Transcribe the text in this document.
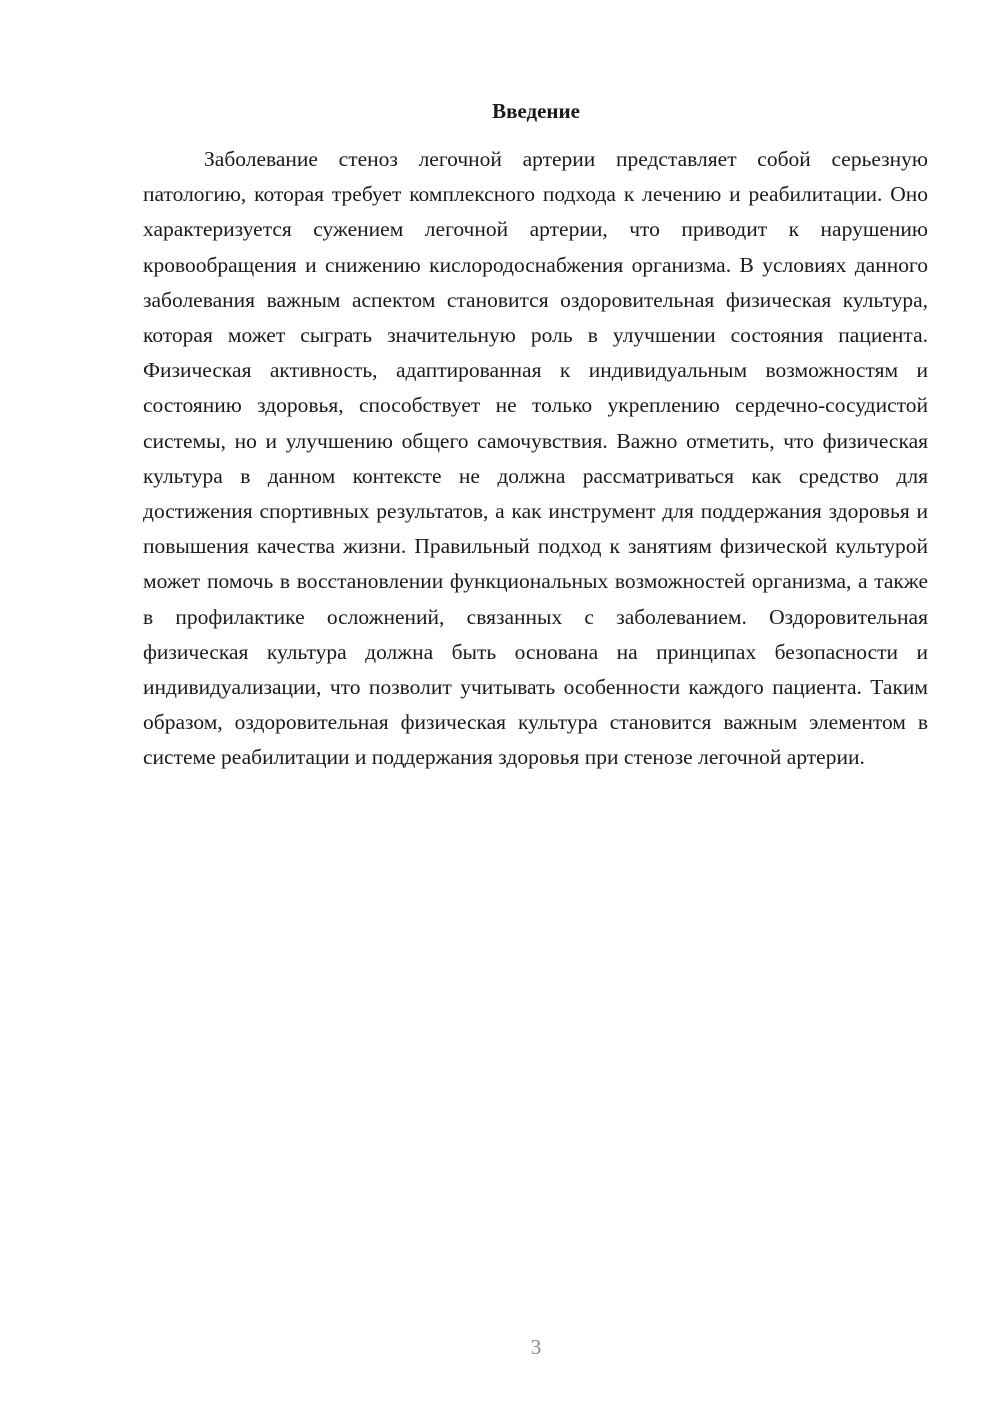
Введение

Заболевание стеноз легочной артерии представляет собой серьезную патологию, которая требует комплексного подхода к лечению и реабилитации. Оно характеризуется сужением легочной артерии, что приводит к нарушению кровообращения и снижению кислородоснабжения организма. В условиях данного заболевания важным аспектом становится оздоровительная физическая культура, которая может сыграть значительную роль в улучшении состояния пациента. Физическая активность, адаптированная к индивидуальным возможностям и состоянию здоровья, способствует не только укреплению сердечно-сосудистой системы, но и улучшению общего самочувствия. Важно отметить, что физическая культура в данном контексте не должна рассматриваться как средство для достижения спортивных результатов, а как инструмент для поддержания здоровья и повышения качества жизни. Правильный подход к занятиям физической культурой может помочь в восстановлении функциональных возможностей организма, а также в профилактике осложнений, связанных с заболеванием. Оздоровительная физическая культура должна быть основана на принципах безопасности и индивидуализации, что позволит учитывать особенности каждого пациента. Таким образом, оздоровительная физическая культура становится важным элементом в системе реабилитации и поддержания здоровья при стенозе легочной артерии.

3
